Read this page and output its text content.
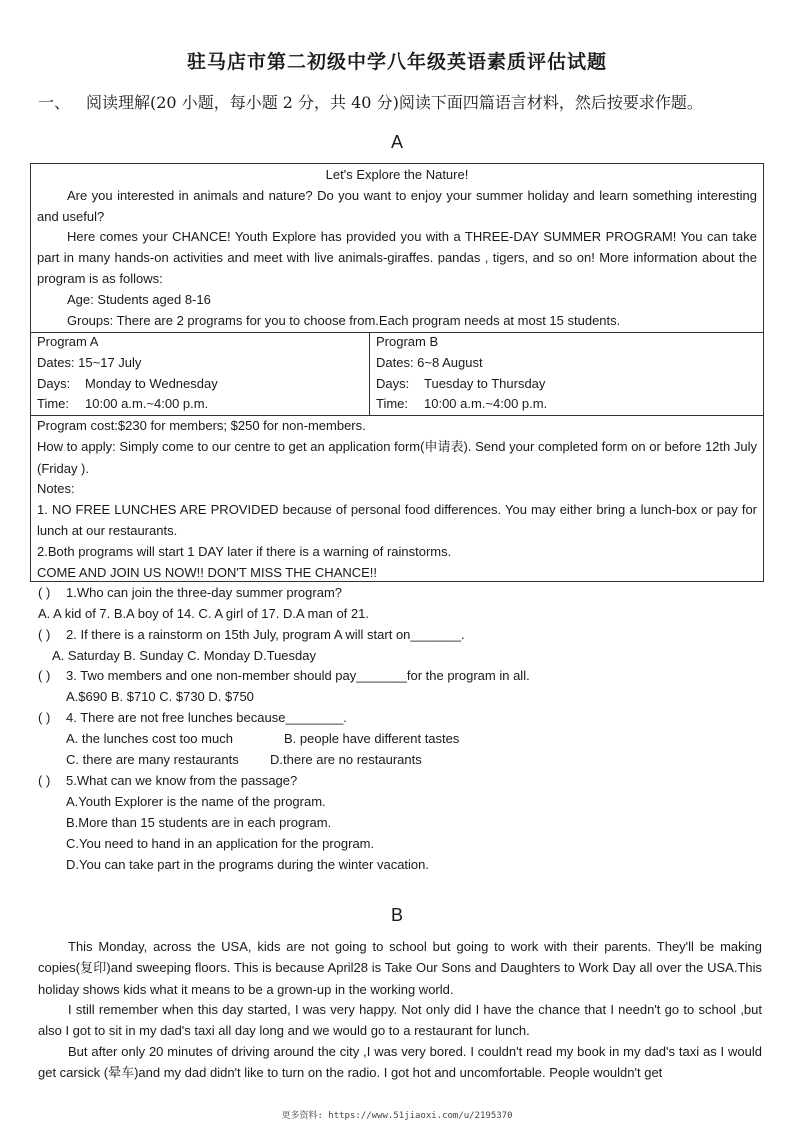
驻马店市第二初级中学八年级英语素质评估试题
一、 阅读理解(20 小题，每小题 2 分，共 40 分)阅读下面四篇语言材料，然后按要求作题。
A

Let's Explore the Nature!

Are you interested in animals and nature? Do you want to enjoy your summer holiday and learn something interesting and useful?

Here comes your CHANCE! Youth Explore has provided you with a THREE-DAY SUMMER PROGRAM! You can take part in many hands-on activities and meet with live animals-giraffes. pandas , tigers, and so on! More information about the program is as follows:

Age: Students aged 8-16

Groups: There are 2 programs for you to choose from.Each program needs at most 15 students.

Program A
Dates: 15~17 July
Days: Monday to Wednesday
Time: 10:00 a.m.~4:00 p.m.
Program B
Dates: 6~8 August
Days: Tuesday to Thursday
Time: 10:00 a.m.~4:00 p.m.

Program cost:$230 for members; $250 for non-members.

How to apply: Simply come to our centre to get an application form(申请表). Send your completed form on or before 12th July (Friday ).

Notes:

1. NO FREE LUNCHES ARE PROVIDED because of personal food differences. You may either bring a lunch-box or pay for lunch at our restaurants.

2.Both programs will start 1 DAY later if there is a warning of rainstorms.

COME AND JOIN US NOW!! DON'T MISS THE CHANCE!!

( ) 1.Who can join the three-day summer program?
A. A kid of 7. B.A boy of 14. C. A girl of 17. D.A man of 21.
( ) 2. If there is a rainstorm on 15th July, program A will start on_______.
A. Saturday B. Sunday C. Monday D.Tuesday
( ) 3. Two members and one non-member should pay_______for the program in all.
A.$690 B. $710 C. $730 D. $750
( ) 4. There are not free lunches because________.
A. the lunches cost too much	B. people have different tastes
C. there are many restaurants D.there are no restaurants
( ) 5.What can we know from the passage?
A.Youth Explorer is the name of the program.
B.More than 15 students are in each program.
C.You need to hand in an application for the program.
D.You can take part in the programs during the winter vacation.
B

This Monday, across the USA, kids are not going to school but going to work with their parents. They'll be making copies(复印)and sweeping floors. This is because April28 is Take Our Sons and Daughters to Work Day all over the USA.This holiday shows kids what it means to be a grown-up in the working world.

I still remember when this day started, I was very happy. Not only did I have the chance that I needn't go to school ,but also I got to sit in my dad's taxi all day long and we would go to a restaurant for lunch.

But after only 20 minutes of driving around the city ,I was very bored. I couldn't read my book in my dad's taxi as I would get carsick (晕车)and my dad didn't like to turn on the radio. I got hot and uncomfortable. People wouldn't get

更多资料: https://www.51jiaoxi.com/u/2195370
